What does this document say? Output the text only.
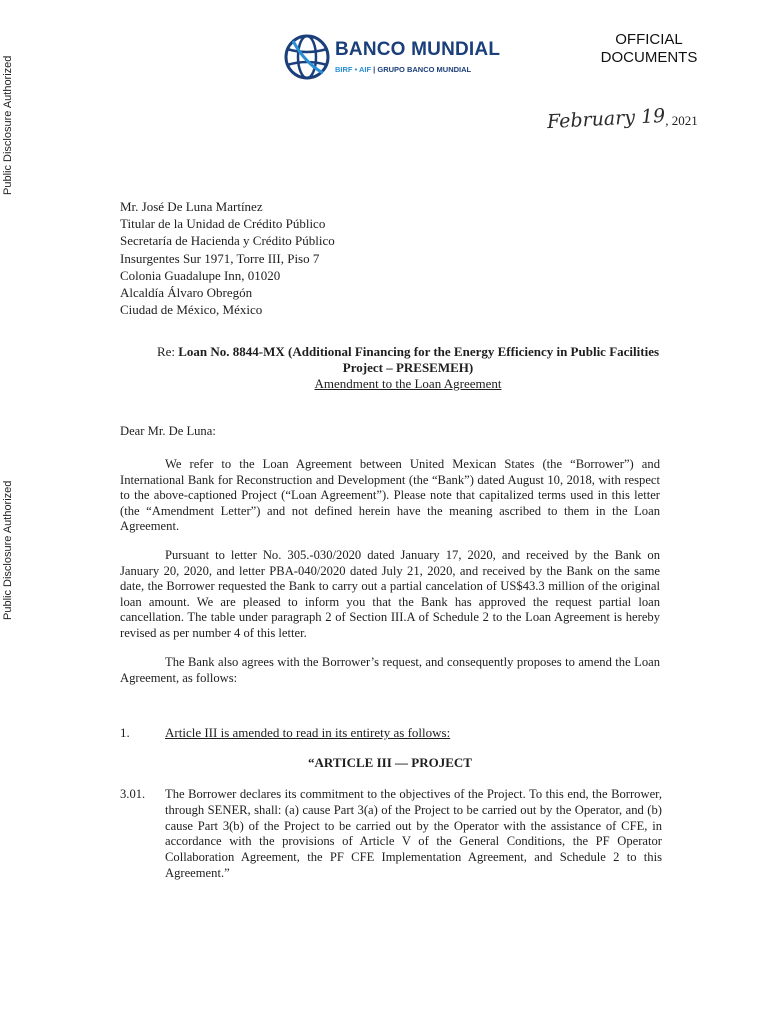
Public Disclosure Authorized
Public Disclosure Authorized
BANCO MUNDIAL
BIRF • AIF | GRUPO BANCO MUNDIAL
OFFICIAL
DOCUMENTS
February 19, 2021
Mr. José De Luna Martínez
Titular de la Unidad de Crédito Público
Secretaría de Hacienda y Crédito Público
Insurgentes Sur 1971, Torre III, Piso 7
Colonia Guadalupe Inn, 01020
Alcaldía Álvaro Obregón
Ciudad de México, México
Re: Loan No. 8844-MX (Additional Financing for the Energy Efficiency in Public Facilities Project – PRESEMEH)
Amendment to the Loan Agreement
Dear Mr. De Luna:
We refer to the Loan Agreement between United Mexican States (the “Borrower”) and International Bank for Reconstruction and Development (the “Bank”) dated August 10, 2018, with respect to the above-captioned Project (“Loan Agreement”). Please note that capitalized terms used in this letter (the “Amendment Letter”) and not defined herein have the meaning ascribed to them in the Loan Agreement.
Pursuant to letter No. 305.-030/2020 dated January 17, 2020, and received by the Bank on January 20, 2020, and letter PBA-040/2020 dated July 21, 2020, and received by the Bank on the same date, the Borrower requested the Bank to carry out a partial cancelation of US$43.3 million of the original loan amount. We are pleased to inform you that the Bank has approved the request partial loan cancellation. The table under paragraph 2 of Section III.A of Schedule 2 to the Loan Agreement is hereby revised as per number 4 of this letter.
The Bank also agrees with the Borrower’s request, and consequently proposes to amend the Loan Agreement, as follows:
1.	Article III is amended to read in its entirety as follows:
“ARTICLE III — PROJECT
3.01. The Borrower declares its commitment to the objectives of the Project. To this end, the Borrower, through SENER, shall: (a) cause Part 3(a) of the Project to be carried out by the Operator, and (b) cause Part 3(b) of the Project to be carried out by the Operator with the assistance of CFE, in accordance with the provisions of Article V of the General Conditions, the PF Operator Collaboration Agreement, the PF CFE Implementation Agreement, and Schedule 2 to this Agreement.”
